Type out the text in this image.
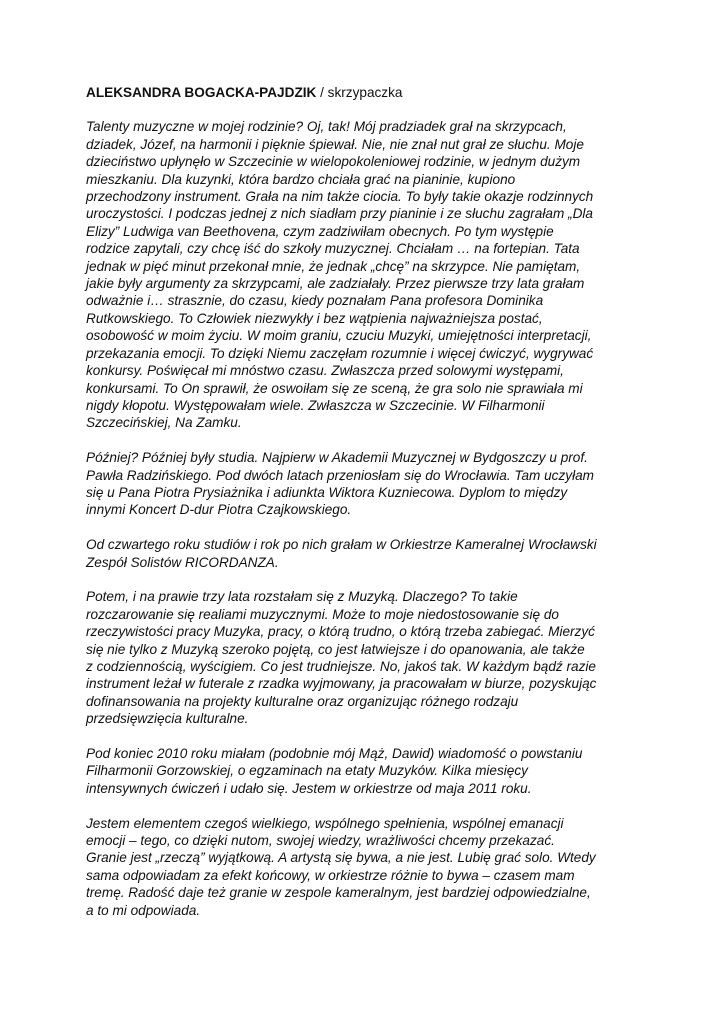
ALEKSANDRA BOGACKA-PAJDZIK / skrzypaczka

Talenty muzyczne w mojej rodzinie? Oj, tak! Mój pradziadek grał na skrzypcach,
dziadek, Józef, na harmonii i pięknie śpiewał. Nie, nie znał nut grał ze słuchu. Moje
dzieciństwo upłynęło w Szczecinie w wielopokoleniowej rodzinie, w jednym dużym
mieszkaniu. Dla kuzynki, która bardzo chciała grać na pianinie, kupiono
przechodzony instrument. Grała na nim także ciocia. To były takie okazje rodzinnych
uroczystości. I podczas jednej z nich siadłam przy pianinie i ze słuchu zagrałam „Dla
Elizy” Ludwiga van Beethovena, czym zadziwiłam obecnych. Po tym występie
rodzice zapytali, czy chcę iść do szkoły muzycznej. Chciałam … na fortepian. Tata
jednak w pięć minut przekonał mnie, że jednak „chcę” na skrzypce. Nie pamiętam,
jakie były argumenty za skrzypcami, ale zadziałały. Przez pierwsze trzy lata grałam
odważnie i… strasznie, do czasu, kiedy poznałam Pana profesora Dominika
Rutkowskiego. To Człowiek niezwykły i bez wątpienia najważniejsza postać,
osobowość w moim życiu. W moim graniu, czuciu Muzyki, umiejętności interpretacji,
przekazania emocji. To dzięki Niemu zaczęłam rozumnie i więcej ćwiczyć, wygrywać
konkursy. Poświęcał mi mnóstwo czasu. Zwłaszcza przed solowymi występami,
konkursami. To On sprawił, że oswoiłam się ze sceną, że gra solo nie sprawiała mi
nigdy kłopotu. Występowałam wiele. Zwłaszcza w Szczecinie. W Filharmonii
Szczecińskiej, Na Zamku.

Później? Później były studia. Najpierw w Akademii Muzycznej w Bydgoszczy u prof.
Pawła Radzińskiego. Pod dwóch latach przeniosłam się do Wrocławia. Tam uczyłam
się u Pana Piotra Prysiażnika i adiunkta Wiktora Kuzniecowa. Dyplom to między
innymi Koncert D-dur Piotra Czajkowskiego.

Od czwartego roku studiów i rok po nich grałam w Orkiestrze Kameralnej Wrocławski
Zespół Solistów RICORDANZA.

Potem, i na prawie trzy lata rozstałam się z Muzyką. Dlaczego? To takie
rozczarowanie się realiami muzycznymi. Może to moje niedostosowanie się do
rzeczywistości pracy Muzyka, pracy, o którą trudno, o którą trzeba zabiegać. Mierzyć
się nie tylko z Muzyką szeroko pojętą, co jest łatwiejsze i do opanowania, ale także
z codziennością, wyścigiem. Co jest trudniejsze. No, jakoś tak. W każdym bądź razie
instrument leżał w futerale z rzadka wyjmowany, ja pracowałam w biurze, pozyskując
dofinansowania na projekty kulturalne oraz organizując różnego rodzaju
przedsięwzięcia kulturalne.

Pod koniec 2010 roku miałam (podobnie mój Mąż, Dawid) wiadomość o powstaniu
Filharmonii Gorzowskiej, o egzaminach na etaty Muzyków. Kilka miesięcy
intensywnych ćwiczeń i udało się. Jestem w orkiestrze od maja 2011 roku.

Jestem elementem czegoś wielkiego, wspólnego spełnienia, wspólnej emanacji
emocji – tego, co dzięki nutom, swojej wiedzy, wrażliwości chcemy przekazać.
Granie jest „rzeczą” wyjątkową. A artystą się bywa, a nie jest. Lubię grać solo. Wtedy
sama odpowiadam za efekt końcowy, w orkiestrze różnie to bywa – czasem mam
tremę. Radość daje też granie w zespole kameralnym, jest bardziej odpowiedzialne,
a to mi odpowiada.
